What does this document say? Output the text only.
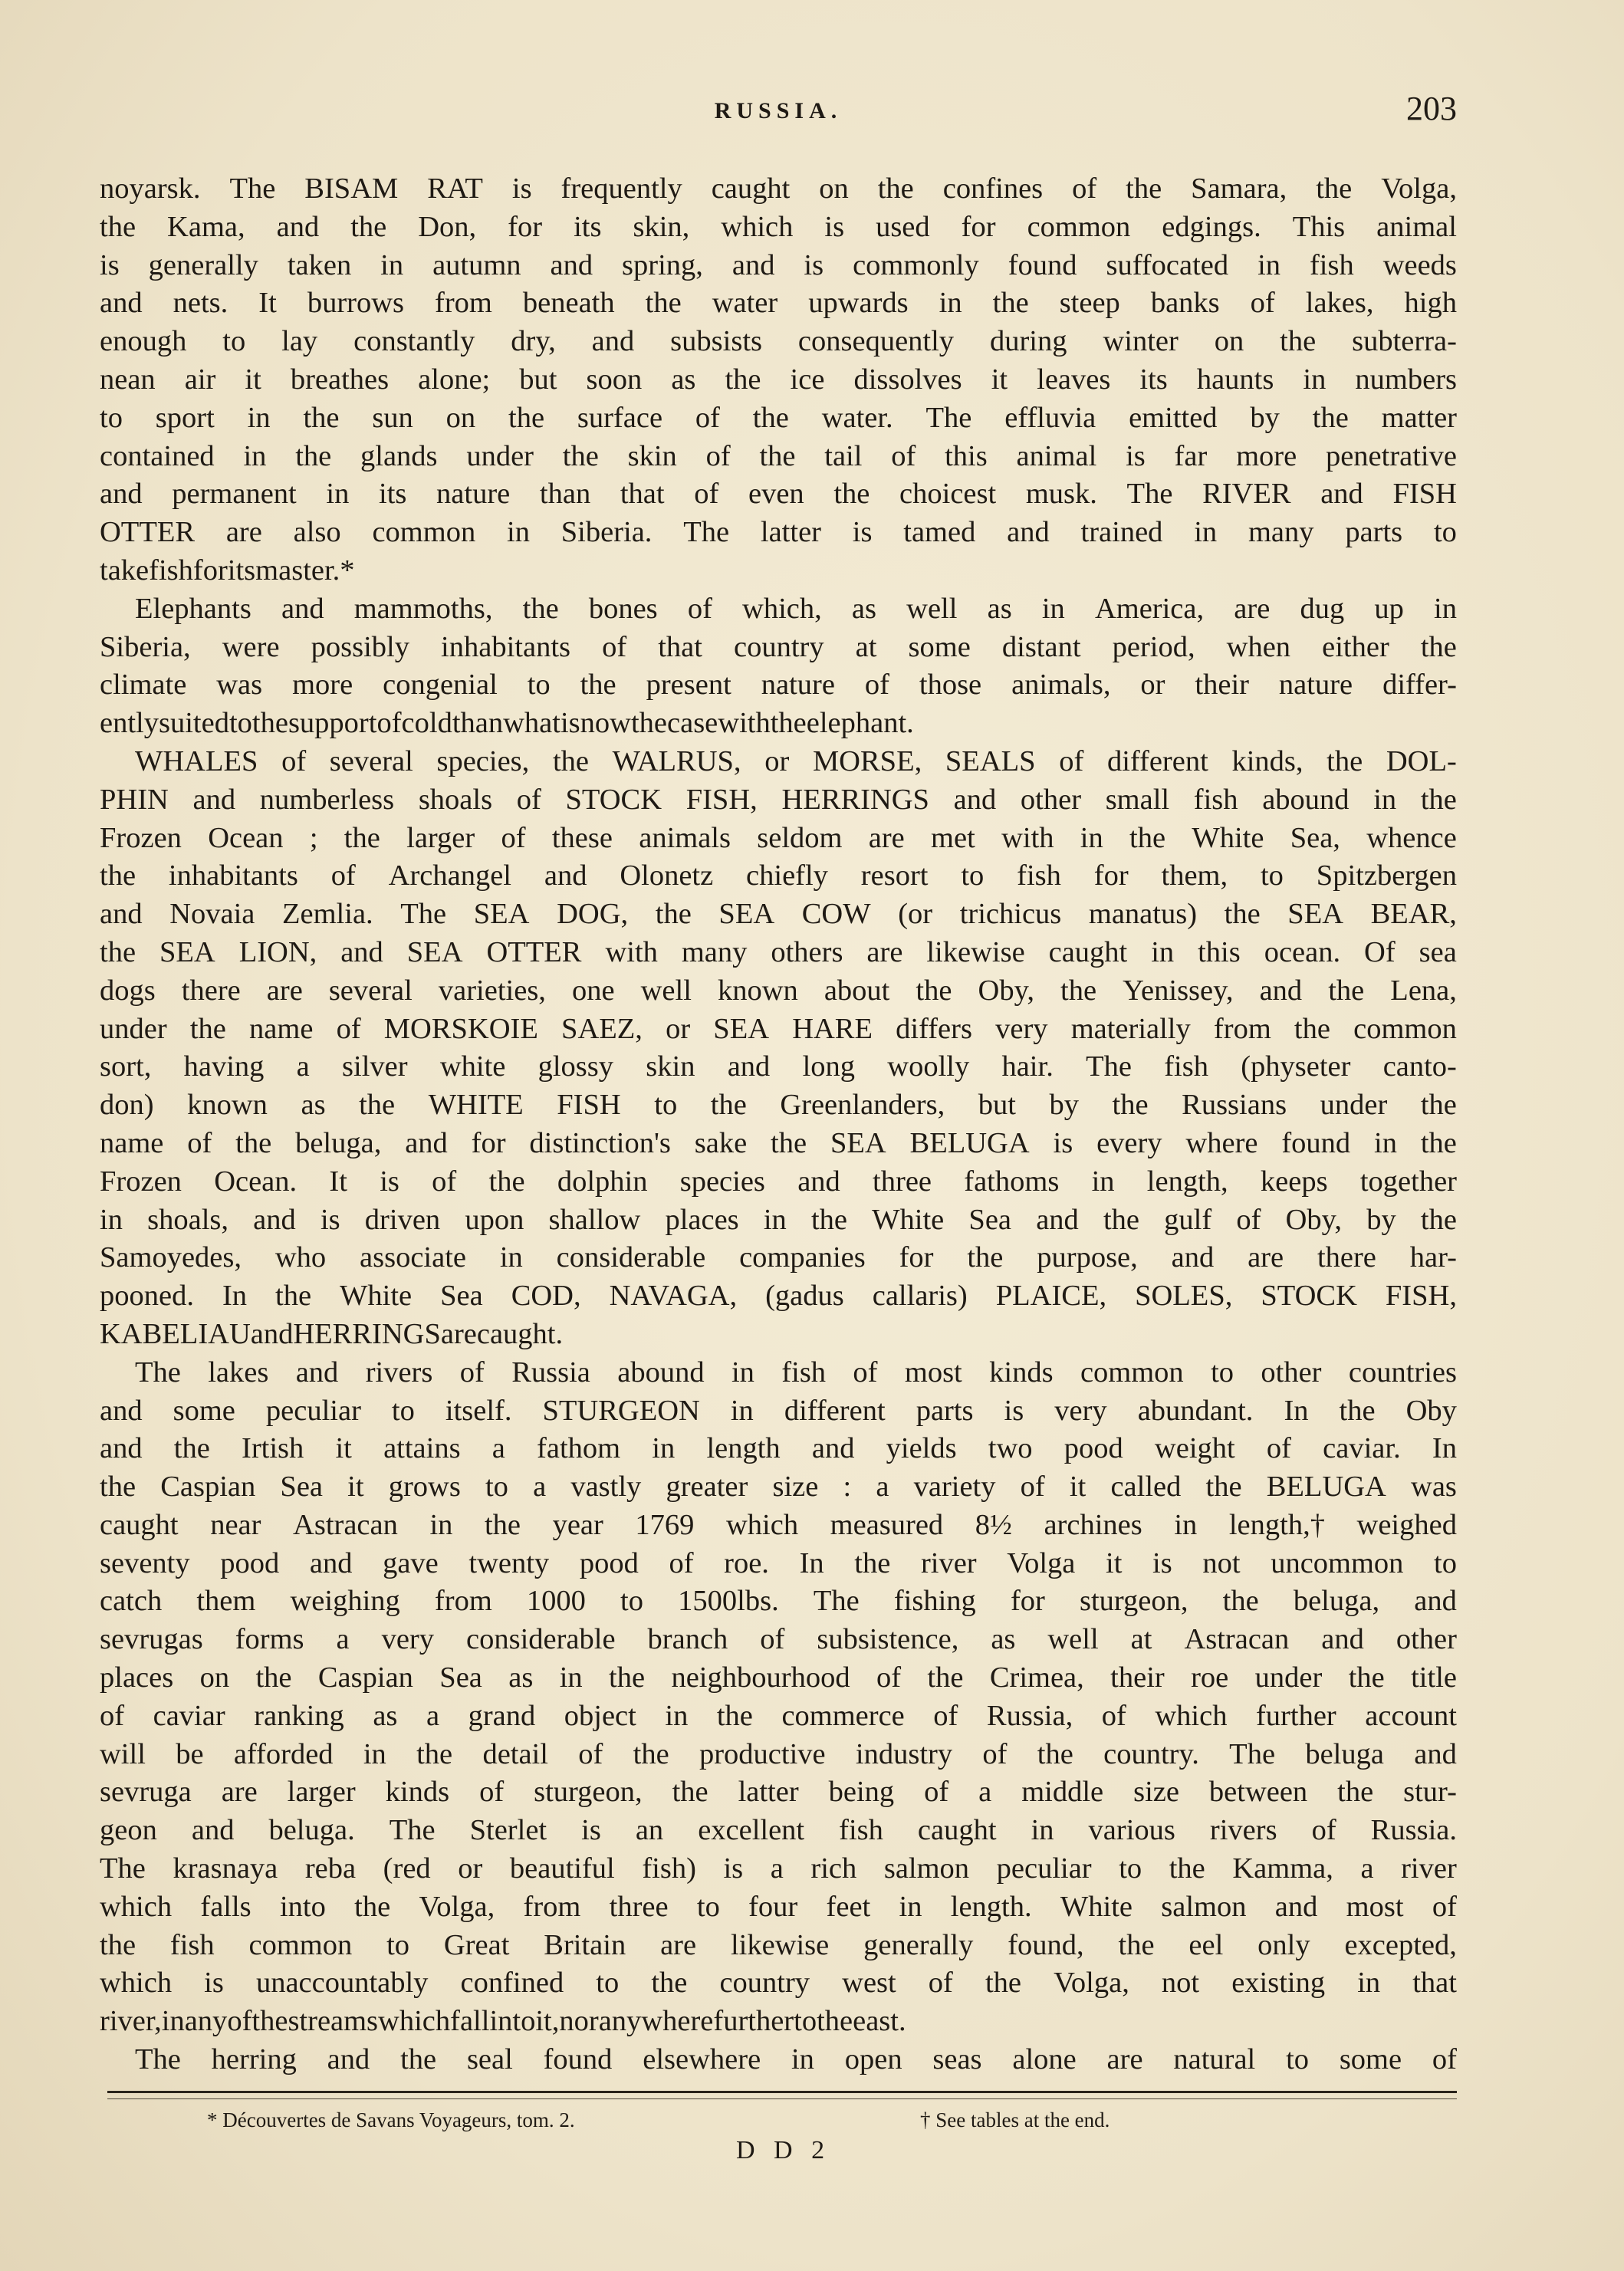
RUSSIA.	203
noyarsk. The BISAM RAT is frequently caught on the confines of the Samara, the Volga,
the Kama, and the Don, for its skin, which is used for common edgings. This animal
is generally taken in autumn and spring, and is commonly found suffocated in fish weeds
and nets. It burrows from beneath the water upwards in the steep banks of lakes, high
enough to lay constantly dry, and subsists consequently during winter on the subterra-
nean air it breathes alone; but soon as the ice dissolves it leaves its haunts in numbers
to sport in the sun on the surface of the water. The effluvia emitted by the matter
contained in the glands under the skin of the tail of this animal is far more penetrative
and permanent in its nature than that of even the choicest musk. The RIVER and FISH
OTTER are also common in Siberia. The latter is tamed and trained in many parts to
take fish for its master.*
Elephants and mammoths, the bones of which, as well as in America, are dug up in
Siberia, were possibly inhabitants of that country at some distant period, when either the
climate was more congenial to the present nature of those animals, or their nature differ-
ently suited to the support of cold than what is now the case with the elephant.
WHALES of several species, the WALRUS, or MORSE, SEALS of different kinds, the DOL-
PHIN and numberless shoals of STOCK FISH, HERRINGS and other small fish abound in the
Frozen Ocean ; the larger of these animals seldom are met with in the White Sea, whence
the inhabitants of Archangel and Olonetz chiefly resort to fish for them, to Spitzbergen
and Novaia Zemlia. The SEA DOG, the SEA COW (or trichicus manatus) the SEA BEAR,
the SEA LION, and SEA OTTER with many others are likewise caught in this ocean. Of sea
dogs there are several varieties, one well known about the Oby, the Yenissey, and the Lena,
under the name of MORSKOIE SAEZ, or SEA HARE differs very materially from the common
sort, having a silver white glossy skin and long woolly hair. The fish (physeter canto-
don) known as the WHITE FISH to the Greenlanders, but by the Russians under the
name of the beluga, and for distinction's sake the SEA BELUGA is every where found in the
Frozen Ocean. It is of the dolphin species and three fathoms in length, keeps together
in shoals, and is driven upon shallow places in the White Sea and the gulf of Oby, by the
Samoyedes, who associate in considerable companies for the purpose, and are there har-
pooned. In the White Sea COD, NAVAGA, (gadus callaris) PLAICE, SOLES, STOCK FISH,
KABELIAU and HERRINGS are caught.
The lakes and rivers of Russia abound in fish of most kinds common to other countries
and some peculiar to itself. STURGEON in different parts is very abundant. In the Oby
and the Irtish it attains a fathom in length and yields two pood weight of caviar. In
the Caspian Sea it grows to a vastly greater size : a variety of it called the BELUGA was
caught near Astracan in the year 1769 which measured 8½ archines in length,† weighed
seventy pood and gave twenty pood of roe. In the river Volga it is not uncommon to
catch them weighing from 1000 to 1500lbs. The fishing for sturgeon, the beluga, and
sevrugas forms a very considerable branch of subsistence, as well at Astracan and other
places on the Caspian Sea as in the neighbourhood of the Crimea, their roe under the title
of caviar ranking as a grand object in the commerce of Russia, of which further account
will be afforded in the detail of the productive industry of the country. The beluga and
sevruga are larger kinds of sturgeon, the latter being of a middle size between the stur-
geon and beluga. The Sterlet is an excellent fish caught in various rivers of Russia.
The krasnaya reba (red or beautiful fish) is a rich salmon peculiar to the Kamma, a river
which falls into the Volga, from three to four feet in length. White salmon and most of
the fish common to Great Britain are likewise generally found, the eel only excepted,
which is unaccountably confined to the country west of the Volga, not existing in that
river, in any of the streams which fall into it, nor any where further to the east.
The herring and the seal found elsewhere in open seas alone are natural to some of
* Découvertes de Savans Voyageurs, tom. 2.	† See tables at the end.
D D 2
